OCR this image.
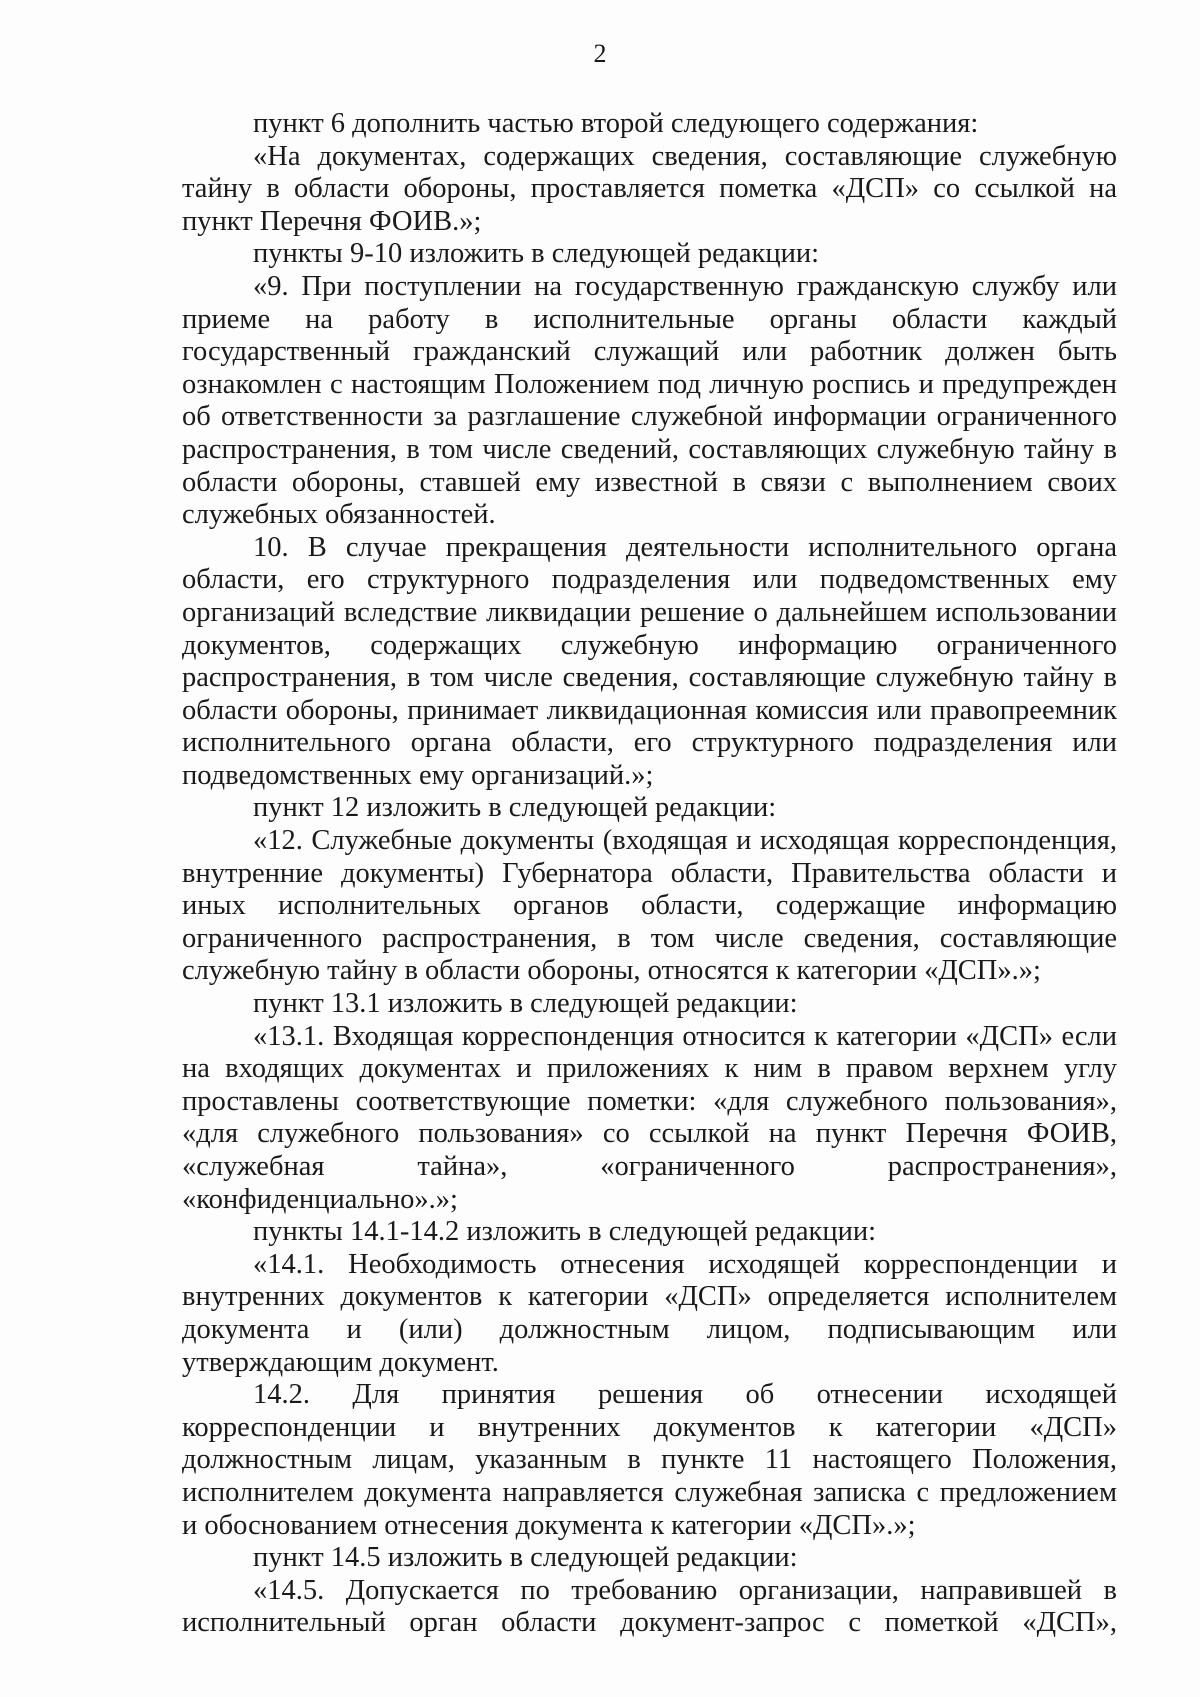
2

пункт 6 дополнить частью второй следующего содержания:

«На документах, содержащих сведения, составляющие служебную тайну в области обороны, проставляется пометка «ДСП» со ссылкой на пункт Перечня ФОИВ.»;

пункты 9-10 изложить в следующей редакции:

«9. При поступлении на государственную гражданскую службу или приеме на работу в исполнительные органы области каждый государственный гражданский служащий или работник должен быть ознакомлен с настоящим Положением под личную роспись и предупрежден об ответственности за разглашение служебной информации ограниченного распространения, в том числе сведений, составляющих служебную тайну в области обороны, ставшей ему известной в связи с выполнением своих служебных обязанностей.

10. В случае прекращения деятельности исполнительного органа области, его структурного подразделения или подведомственных ему организаций вследствие ликвидации решение о дальнейшем использовании документов, содержащих служебную информацию ограниченного распространения, в том числе сведения, составляющие служебную тайну в области обороны, принимает ликвидационная комиссия или правопреемник исполнительного органа области, его структурного подразделения или подведомственных ему организаций.»;

пункт 12 изложить в следующей редакции:

«12. Служебные документы (входящая и исходящая корреспонденция, внутренние документы) Губернатора области, Правительства области и иных исполнительных органов области, содержащие информацию ограниченного распространения, в том числе сведения, составляющие служебную тайну в области обороны, относятся к категории «ДСП».»;

пункт 13.1 изложить в следующей редакции:

«13.1. Входящая корреспонденция относится к категории «ДСП» если на входящих документах и приложениях к ним в правом верхнем углу проставлены соответствующие пометки: «для служебного пользования», «для служебного пользования» со ссылкой на пункт Перечня ФОИВ, «служебная тайна», «ограниченного распространения», «конфиденциально».»;

пункты 14.1-14.2 изложить в следующей редакции:

«14.1. Необходимость отнесения исходящей корреспонденции и внутренних документов к категории «ДСП» определяется исполнителем документа и (или) должностным лицом, подписывающим или утверждающим документ.

14.2. Для принятия решения об отнесении исходящей корреспонденции и внутренних документов к категории «ДСП» должностным лицам, указанным в пункте 11 настоящего Положения, исполнителем документа направляется служебная записка с предложением и обоснованием отнесения документа к категории «ДСП».»;

пункт 14.5 изложить в следующей редакции:

«14.5. Допускается по требованию организации, направившей в исполнительный орган области документ-запрос с пометкой «ДСП»,
